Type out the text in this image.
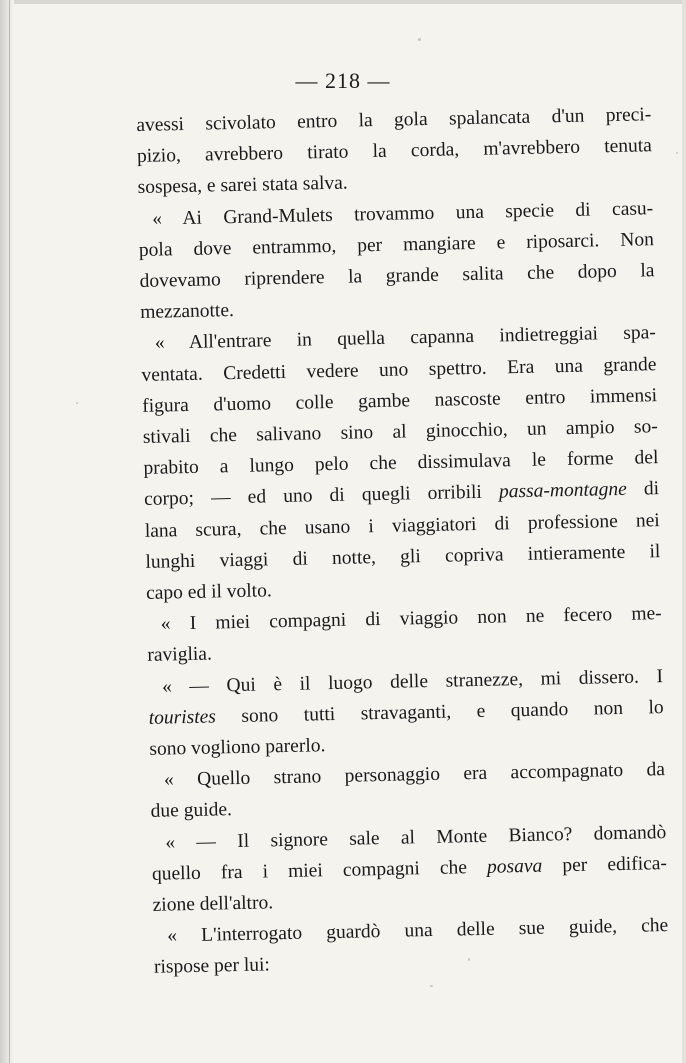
— 218 —
avessi scivolato entro la gola spalancata d'un preci-
pizio, avrebbero tirato la corda, m'avrebbero tenuta
sospesa, e sarei stata salva.
« Ai Grand-Mulets trovammo una specie di casu-
pola dove entrammo, per mangiare e riposarci. Non
dovevamo riprendere la grande salita che dopo la
mezzanotte.
« All'entrare in quella capanna indietreggiai spa-
ventata. Credetti vedere uno spettro. Era una grande
figura d'uomo colle gambe nascoste entro immensi
stivali che salivano sino al ginocchio, un ampio so-
prabito a lungo pelo che dissimulava le forme del
corpo; — ed uno di quegli orribili passa-montagne di
lana scura, che usano i viaggiatori di professione nei
lunghi viaggi di notte, gli copriva intieramente il
capo ed il volto.
« I miei compagni di viaggio non ne fecero me-
raviglia.
« — Qui è il luogo delle stranezze, mi dissero. I
touristes sono tutti stravaganti, e quando non lo
sono vogliono parerlo.
« Quello strano personaggio era accompagnato da
due guide.
« — Il signore sale al Monte Bianco? domandò
quello fra i miei compagni che posava per edifica-
zione dell'altro.
« L'interrogato guardò una delle sue guide, che
rispose per lui:
